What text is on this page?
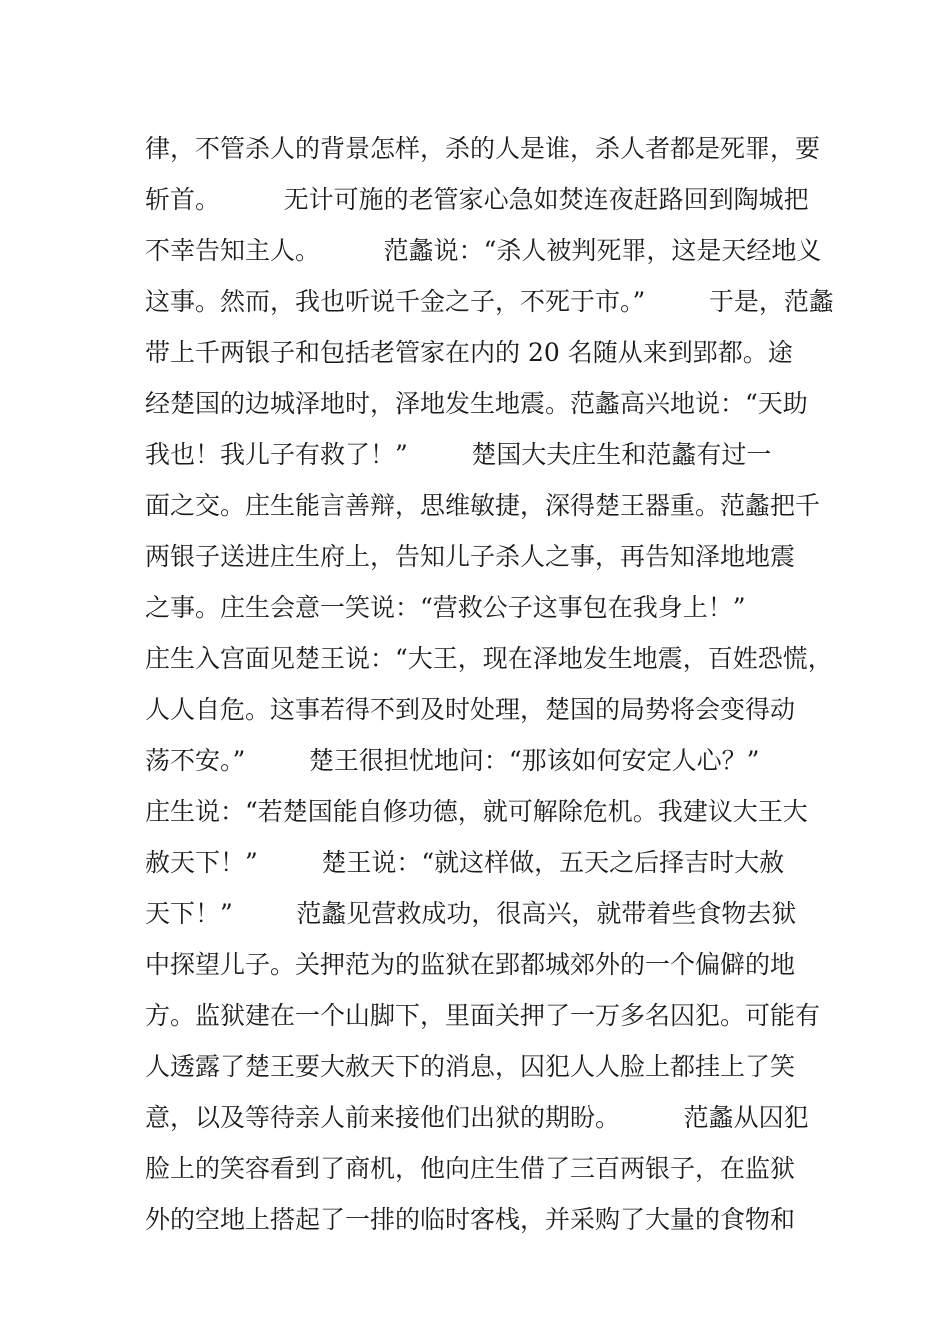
律，不管杀人的背景怎样，杀的人是谁，杀人者都是死罪，要
斩首。        无计可施的老管家心急如焚连夜赶路回到陶城把
不幸告知主人。        范蠡说：“杀人被判死罪，这是天经地义
这事。然而，我也听说千金之子，不死于市。”        于是，范蠡
带上千两银子和包括老管家在内的 20 名随从来到郢都。途
经楚国的边城泽地时，泽地发生地震。范蠡高兴地说：“天助
我也！我儿子有救了！”        楚国大夫庄生和范蠡有过一
面之交。庄生能言善辩，思维敏捷，深得楚王器重。范蠡把千
两银子送进庄生府上，告知儿子杀人之事，再告知泽地地震
之事。庄生会意一笑说：“营救公子这事包在我身上！”
庄生入宫面见楚王说：“大王，现在泽地发生地震，百姓恐慌，
人人自危。这事若得不到及时处理，楚国的局势将会变得动
荡不安。”        楚王很担忧地问：“那该如何安定人心？”
庄生说：“若楚国能自修功德，就可解除危机。我建议大王大
赦天下！”        楚王说：“就这样做，五天之后择吉时大赦
天下！”        范蠡见营救成功，很高兴，就带着些食物去狱
中探望儿子。关押范为的监狱在郢都城郊外的一个偏僻的地
方。监狱建在一个山脚下，里面关押了一万多名囚犯。可能有
人透露了楚王要大赦天下的消息，囚犯人人脸上都挂上了笑
意，以及等待亲人前来接他们出狱的期盼。        范蠡从囚犯
脸上的笑容看到了商机，他向庄生借了三百两银子，在监狱
外的空地上搭起了一排的临时客栈，并采购了大量的食物和
